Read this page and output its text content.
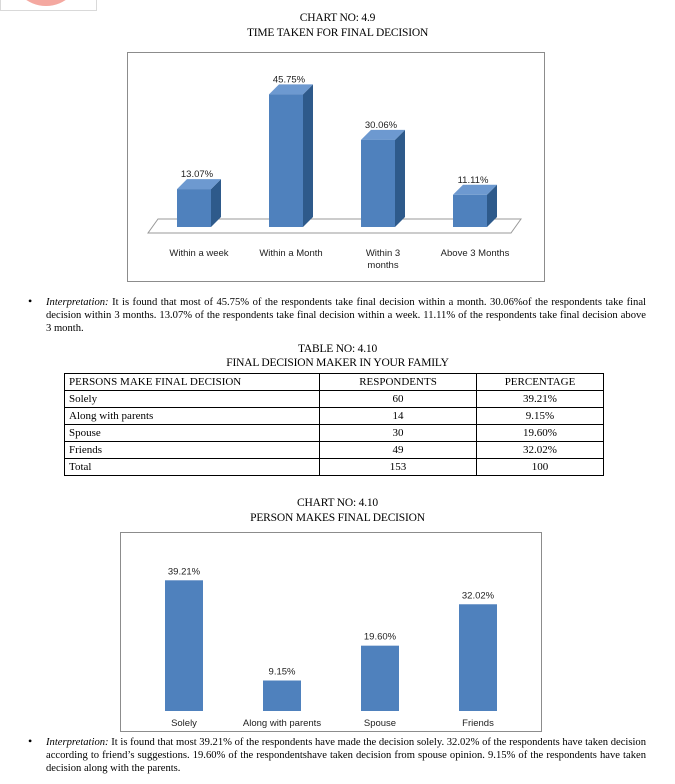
CHART NO: 4.9
TIME TAKEN FOR FINAL DECISION
13.07%
Within a week
45.75%
Within a Month
30.06%
Within 3 months
11.11%
Above 3 Months
• Interpretation: It is found that most of 45.75% of the respondents take final decision within a month. 30.06%of the respondents take final decision within 3 months. 13.07% of the respondents take final decision within a week. 11.11% of the respondents take final decision above 3 month.
TABLE NO: 4.10
FINAL DECISION MAKER IN YOUR FAMILY
PERSONS MAKE FINAL DECISION	RESPONDENTS	PERCENTAGE
Solely	60	39.21%
Along with parents	14	9.15%
Spouse	30	19.60%
Friends	49	32.02%
Total	153	100
CHART NO: 4.10
PERSON MAKES FINAL DECISION
39.21%
Solely
9.15%
Along with parents
19.60%
Spouse
32.02%
Friends
• Interpretation: It is found that most 39.21% of the respondents have made the decision solely. 32.02% of the respondents have taken decision according to friend’s suggestions. 19.60% of the respondentshave taken decision from spouse opinion. 9.15% of the respondents have taken decision along with the parents.
